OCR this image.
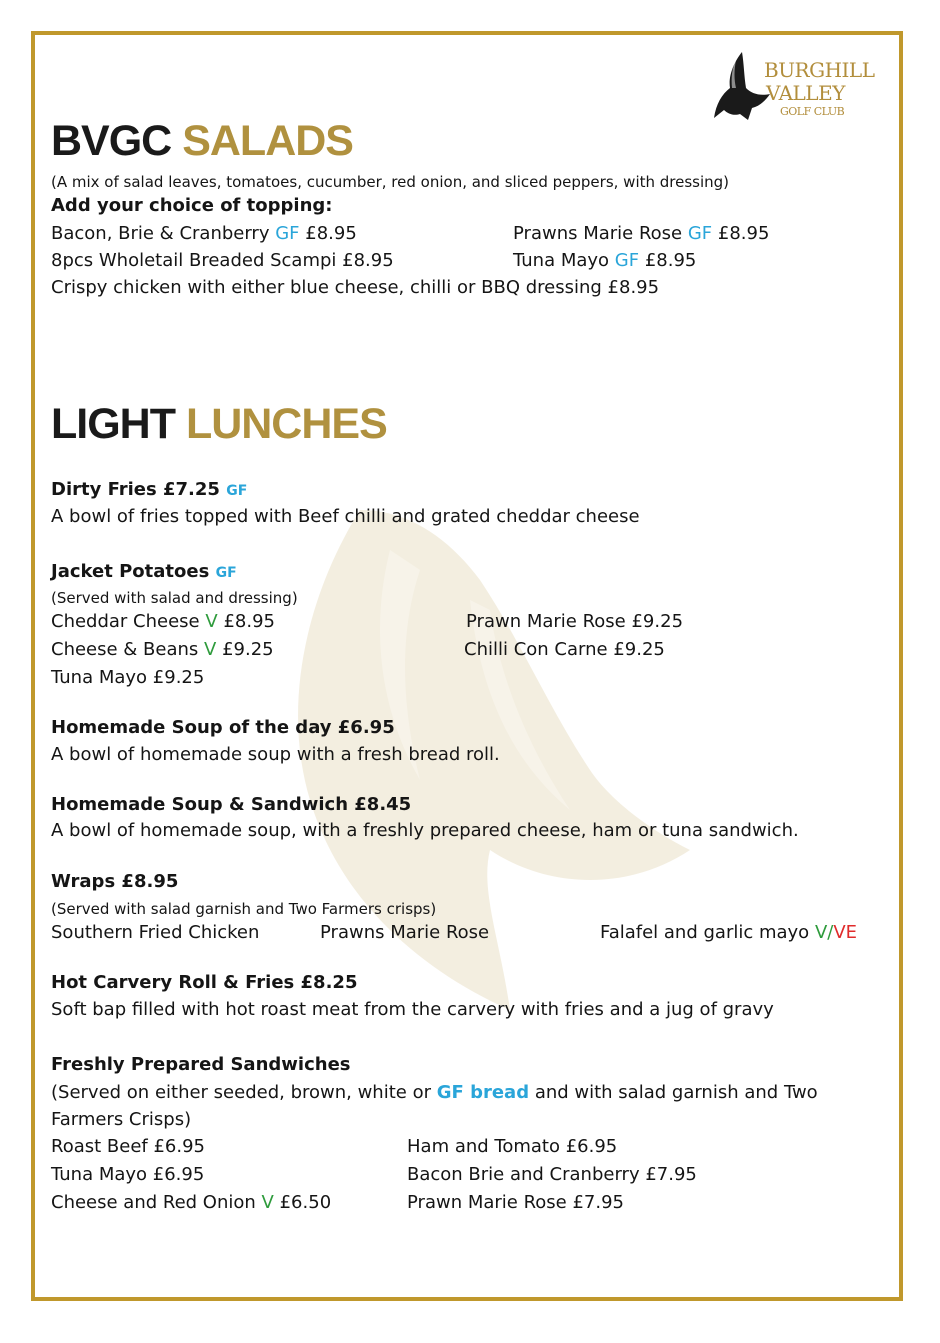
BURGHILL
VALLEY
GOLF CLUB
BVGC SALADS
(A mix of salad leaves, tomatoes, cucumber, red onion, and sliced peppers, with dressing)
Add your choice of topping:
Bacon, Brie & Cranberry GF £8.95	Prawns Marie Rose GF £8.95
8pcs Wholetail Breaded Scampi £8.95	Tuna Mayo GF £8.95
Crispy chicken with either blue cheese, chilli or BBQ dressing £8.95
LIGHT LUNCHES
Dirty Fries £7.25 GF
A bowl of fries topped with Beef chilli and grated cheddar cheese
Jacket Potatoes GF
(Served with salad and dressing)
Cheddar Cheese V £8.95	Prawn Marie Rose £9.25
Cheese & Beans V £9.25	Chilli Con Carne £9.25
Tuna Mayo £9.25
Homemade Soup of the day £6.95
A bowl of homemade soup with a fresh bread roll.
Homemade Soup & Sandwich £8.45
A bowl of homemade soup, with a freshly prepared cheese, ham or tuna sandwich.
Wraps £8.95
(Served with salad garnish and Two Farmers crisps)
Southern Fried Chicken	Prawns Marie Rose	Falafel and garlic mayo V/VE
Hot Carvery Roll & Fries £8.25
Soft bap filled with hot roast meat from the carvery with fries and a jug of gravy
Freshly Prepared Sandwiches
(Served on either seeded, brown, white or GF bread and with salad garnish and Two
Farmers Crisps)
Roast Beef £6.95	Ham and Tomato £6.95
Tuna Mayo £6.95	Bacon Brie and Cranberry £7.95
Cheese and Red Onion V £6.50	Prawn Marie Rose £7.95
